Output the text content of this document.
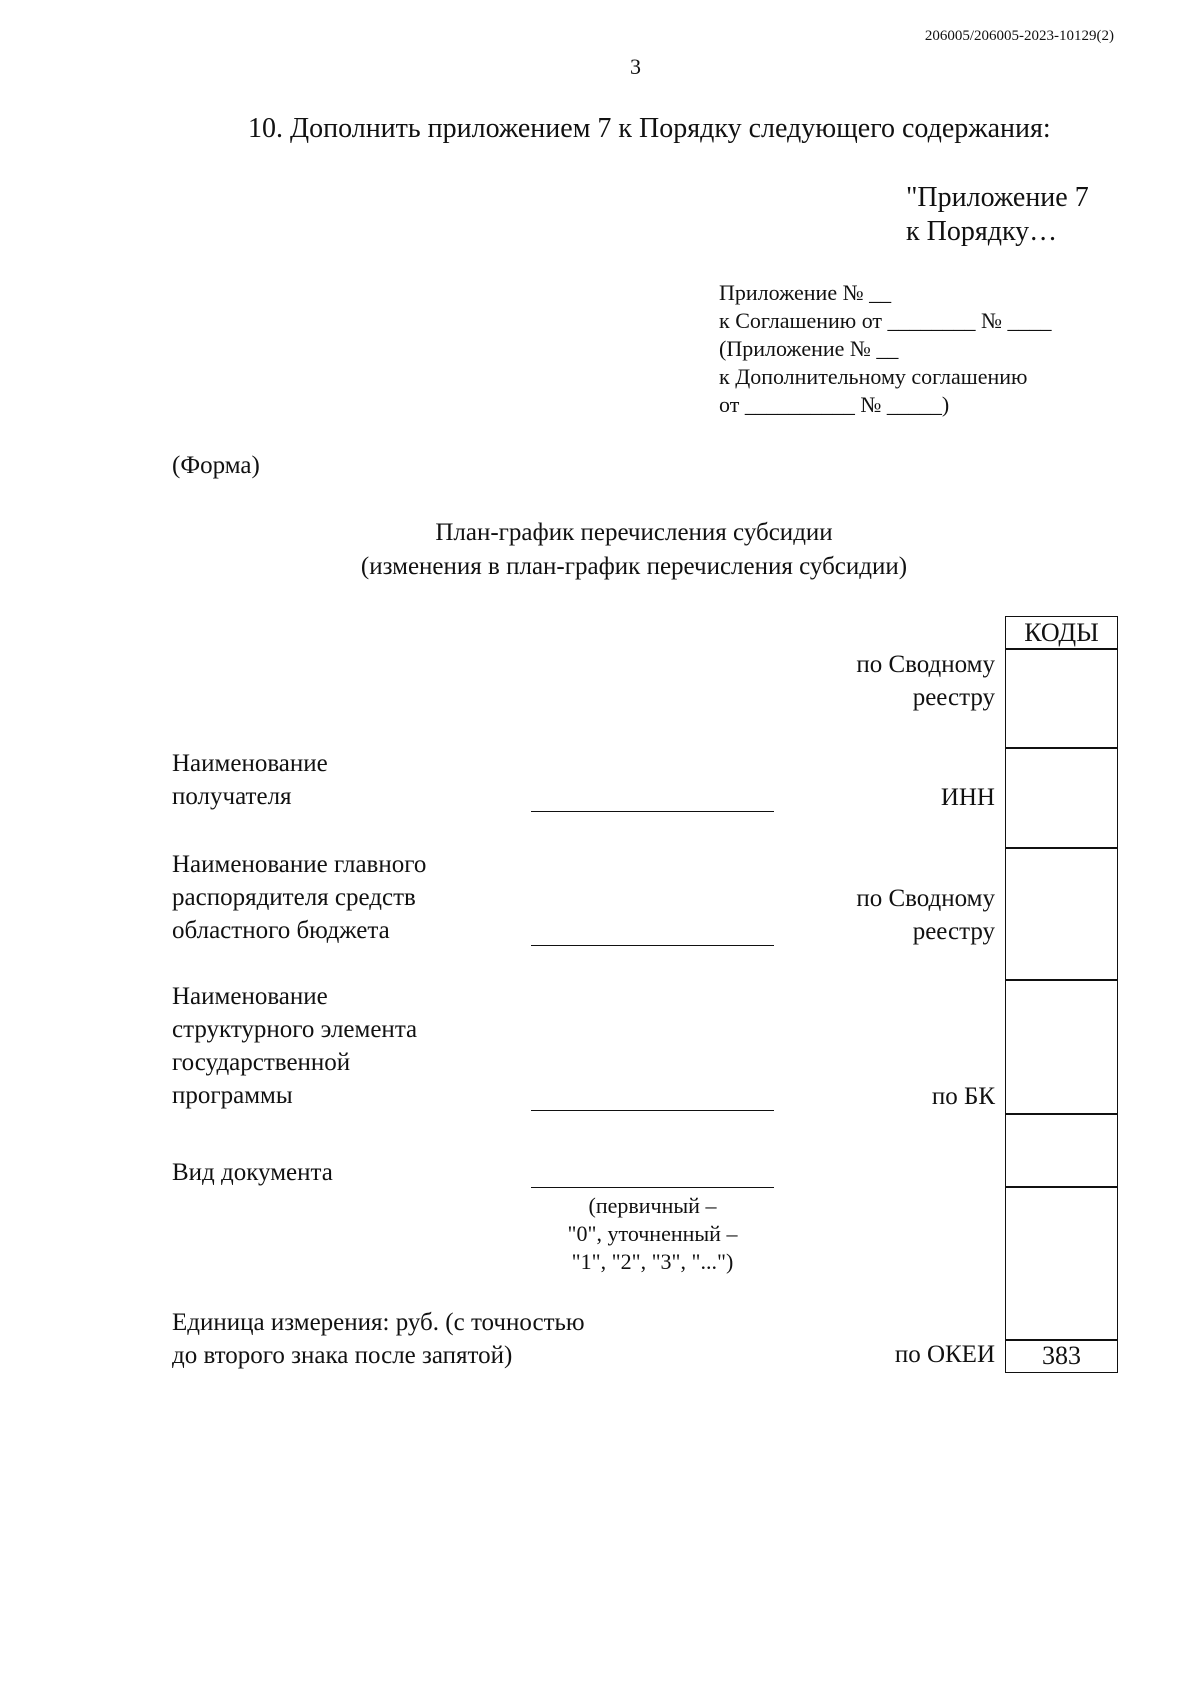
206005/206005-2023-10129(2)
3
10. Дополнить приложением 7 к Порядку следующего содержания:
"Приложение 7
к Порядку…
Приложение № __
к Соглашению от ________ № ____
(Приложение № __
к Дополнительному соглашению
от __________ № _____)
(Форма)
План-график перечисления субсидии
(изменения в план-график перечисления субсидии)
КОДЫ
383
по Сводному
реестру
ИНН
по Сводному
реестру
по БК
по ОКЕИ
Наименование
получателя
Наименование главного
распорядителя средств
областного бюджета
Наименование
структурного элемента
государственной
программы
Вид документа
(первичный –
"0", уточненный –
"1", "2", "3", "...")
Единица измерения: руб. (с точностью
до второго знака после запятой)
